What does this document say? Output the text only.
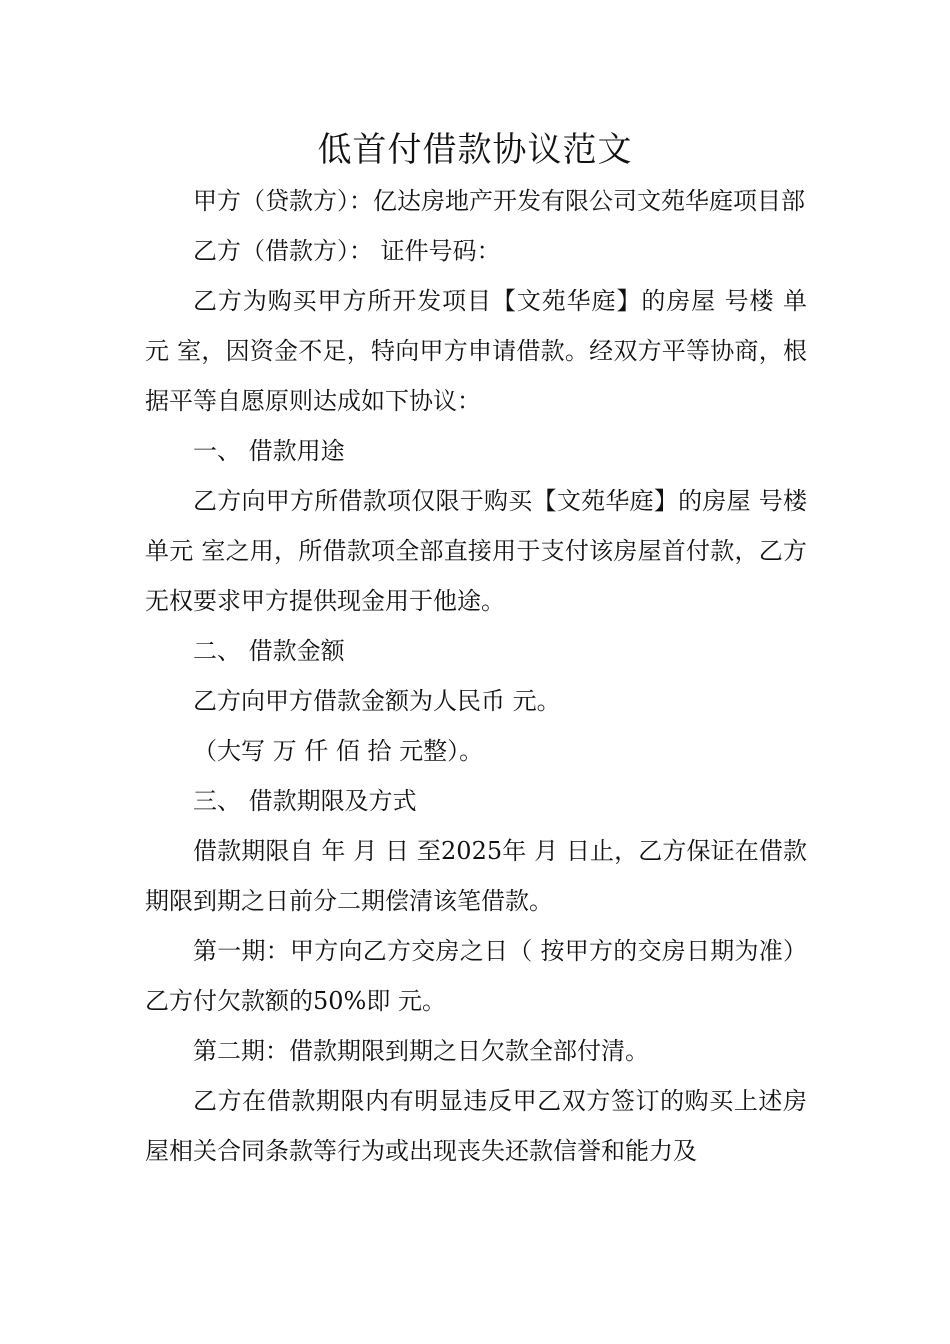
低首付借款协议范文

甲方（贷款方）：亿达房地产开发有限公司文苑华庭项目部

乙方（借款方）： 证件号码：

乙方为购买甲方所开发项目【文苑华庭】的房屋 号楼 单元 室，因资金不足，特向甲方申请借款。经双方平等协商，根据平等自愿原则达成如下协议：

一、 借款用途

乙方向甲方所借款项仅限于购买【文苑华庭】的房屋 号楼 单元 室之用，所借款项全部直接用于支付该房屋首付款，乙方无权要求甲方提供现金用于他途。

二、 借款金额

乙方向甲方借款金额为人民币 元。

（大写 万 仟 佰 拾 元整）。

三、 借款期限及方式

借款期限自 年 月 日 至2025年 月 日止，乙方保证在借款期限到期之日前分二期偿清该笔借款。

第一期：甲方向乙方交房之日（ 按甲方的交房日期为准）乙方付欠款额的50%即 元。

第二期：借款期限到期之日欠款全部付清。

乙方在借款期限内有明显违反甲乙双方签订的购买上述房屋相关合同条款等行为或出现丧失还款信誉和能力及
